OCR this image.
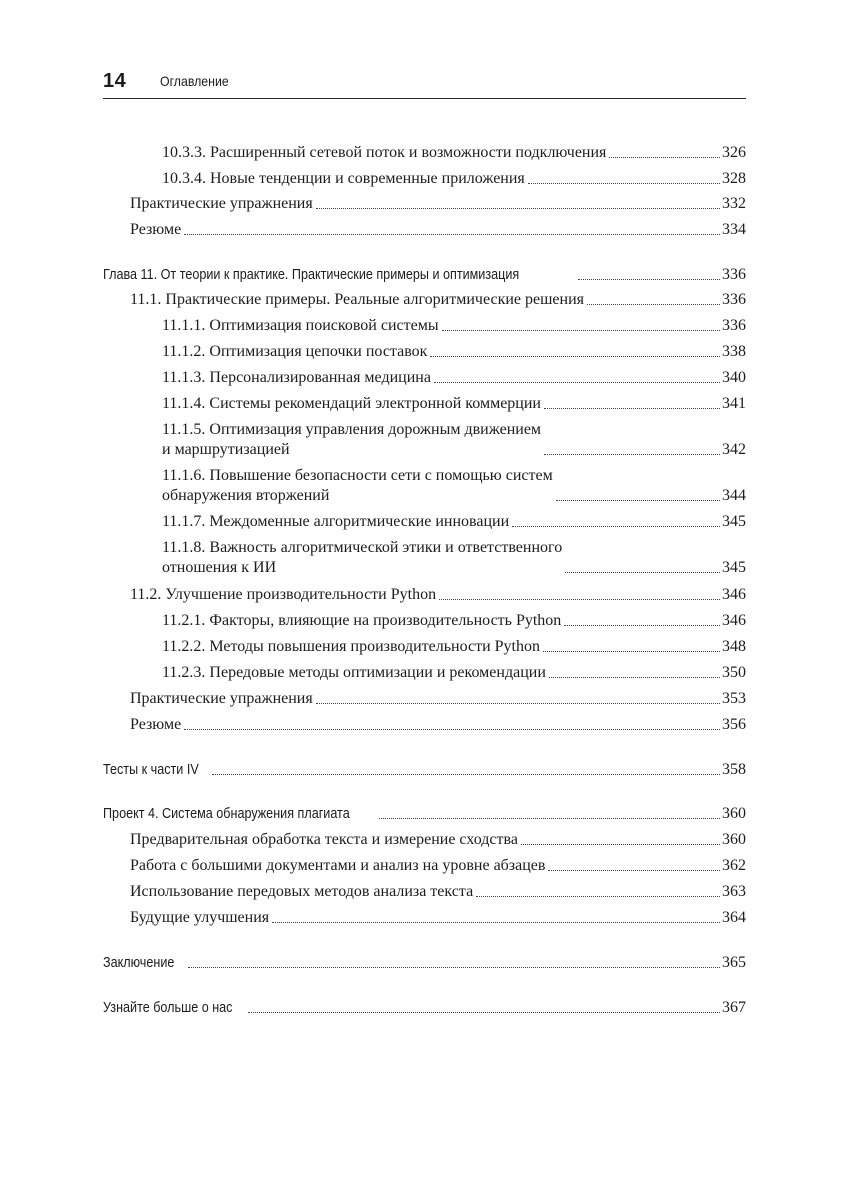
14 Оглавление
10.3.3. Расширенный сетевой поток и возможности подключения	326
10.3.4. Новые тенденции и современные приложения	328
Практические упражнения	332
Резюме	334
Глава 11. От теории к практике. Практические примеры и оптимизация	336
11.1. Практические примеры. Реальные алгоритмические решения	336
11.1.1. Оптимизация поисковой системы	336
11.1.2. Оптимизация цепочки поставок	338
11.1.3. Персонализированная медицина	340
11.1.4. Системы рекомендаций электронной коммерции	341
11.1.5. Оптимизация управления дорожным движением
и маршрутизацией	342
11.1.6. Повышение безопасности сети с помощью систем
обнаружения вторжений	344
11.1.7. Междоменные алгоритмические инновации	345
11.1.8. Важность алгоритмической этики и ответственного
отношения к ИИ	345
11.2. Улучшение производительности Python	346
11.2.1. Факторы, влияющие на производительность Python	346
11.2.2. Методы повышения производительности Python	348
11.2.3. Передовые методы оптимизации и рекомендации	350
Практические упражнения	353
Резюме	356
Тесты к части IV	358
Проект 4. Система обнаружения плагиата	360
Предварительная обработка текста и измерение сходства	360
Работа с большими документами и анализ на уровне абзацев	362
Использование передовых методов анализа текста	363
Будущие улучшения	364
Заключение	365
Узнайте больше о нас	367
